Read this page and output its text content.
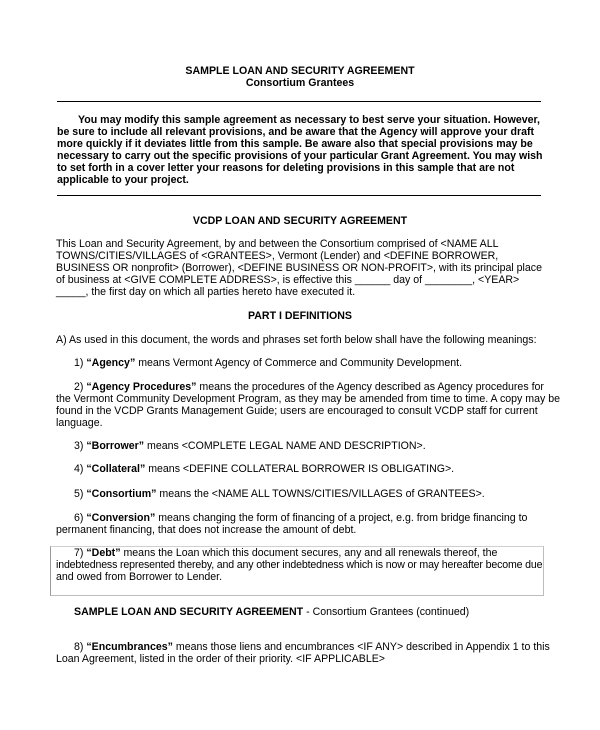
SAMPLE LOAN AND SECURITY AGREEMENT
Consortium Grantees
You may modify this sample agreement as necessary to best serve your situation. However,
be sure to include all relevant provisions, and be aware that the Agency will approve your draft
more quickly if it deviates little from this sample. Be aware also that special provisions may be
necessary to carry out the specific provisions of your particular Grant Agreement. You may wish
to set forth in a cover letter your reasons for deleting provisions in this sample that are not
applicable to your project.
VCDP LOAN AND SECURITY AGREEMENT
This Loan and Security Agreement, by and between the Consortium comprised of <NAME ALL
TOWNS/CITIES/VILLAGES of <GRANTEES>, Vermont (Lender) and <DEFINE BORROWER,
BUSINESS OR nonprofit> (Borrower), <DEFINE BUSINESS OR NON-PROFIT>, with its principal place
of business at <GIVE COMPLETE ADDRESS>, is effective this ______ day of ________, <YEAR>
_____, the first day on which all parties hereto have executed it.
PART I DEFINITIONS
A) As used in this document, the words and phrases set forth below shall have the following meanings:
1) “Agency” means Vermont Agency of Commerce and Community Development.
2) “Agency Procedures” means the procedures of the Agency described as Agency procedures for
the Vermont Community Development Program, as they may be amended from time to time. A copy may be
found in the VCDP Grants Management Guide; users are encouraged to consult VCDP staff for current
language.
3) “Borrower” means <COMPLETE LEGAL NAME AND DESCRIPTION>.
4) “Collateral” means <DEFINE COLLATERAL BORROWER IS OBLIGATING>.
5) “Consortium” means the <NAME ALL TOWNS/CITIES/VILLAGES of GRANTEES>.
6) “Conversion” means changing the form of financing of a project, e.g. from bridge financing to
permanent financing, that does not increase the amount of debt.
7) “Debt” means the Loan which this document secures, any and all renewals thereof, the
indebtedness represented thereby, and any other indebtedness which is now or may hereafter become due
and owed from Borrower to Lender.
SAMPLE LOAN AND SECURITY AGREEMENT - Consortium Grantees (continued)
8) “Encumbrances” means those liens and encumbrances <IF ANY> described in Appendix 1 to this
Loan Agreement, listed in the order of their priority. <IF APPLICABLE>
